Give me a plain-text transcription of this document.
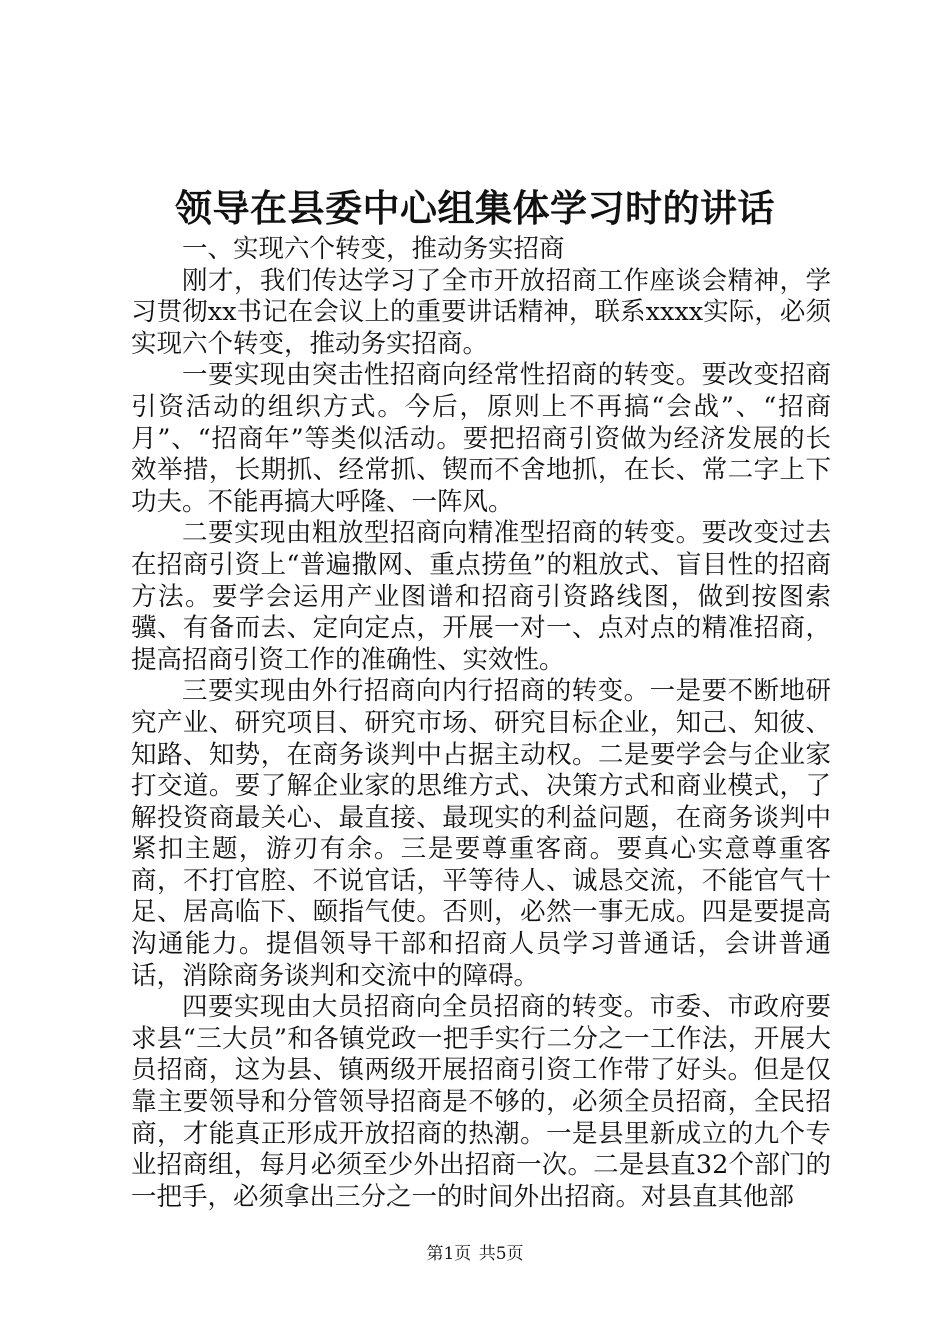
领导在县委中心组集体学习时的讲话

一、实现六个转变，推动务实招商

刚才，我们传达学习了全市开放招商工作座谈会精神，学习贯彻xx书记在会议上的重要讲话精神，联系xxxx实际，必须实现六个转变，推动务实招商。

一要实现由突击性招商向经常性招商的转变。要改变招商引资活动的组织方式。今后，原则上不再搞“会战”、“招商月”、“招商年”等类似活动。要把招商引资做为经济发展的长效举措，长期抓、经常抓、锲而不舍地抓，在长、常二字上下功夫。不能再搞大呼隆、一阵风。

二要实现由粗放型招商向精准型招商的转变。要改变过去在招商引资上“普遍撒网、重点捞鱼”的粗放式、盲目性的招商方法。要学会运用产业图谱和招商引资路线图，做到按图索骥、有备而去、定向定点，开展一对一、点对点的精准招商，提高招商引资工作的准确性、实效性。

三要实现由外行招商向内行招商的转变。一是要不断地研究产业、研究项目、研究市场、研究目标企业，知己、知彼、知路、知势，在商务谈判中占据主动权。二是要学会与企业家打交道。要了解企业家的思维方式、决策方式和商业模式，了解投资商最关心、最直接、最现实的利益问题，在商务谈判中紧扣主题，游刃有余。三是要尊重客商。要真心实意尊重客商，不打官腔、不说官话，平等待人、诚恳交流，不能官气十足、居高临下、颐指气使。否则，必然一事无成。四是要提高沟通能力。提倡领导干部和招商人员学习普通话，会讲普通话，消除商务谈判和交流中的障碍。

四要实现由大员招商向全员招商的转变。市委、市政府要求县“三大员”和各镇党政一把手实行二分之一工作法，开展大员招商，这为县、镇两级开展招商引资工作带了好头。但是仅靠主要领导和分管领导招商是不够的，必须全员招商，全民招商，才能真正形成开放招商的热潮。一是县里新成立的九个专业招商组，每月必须至少外出招商一次。二是县直32个部门的一把手，必须拿出三分之一的时间外出招商。对县直其他部

第1页 共5页
